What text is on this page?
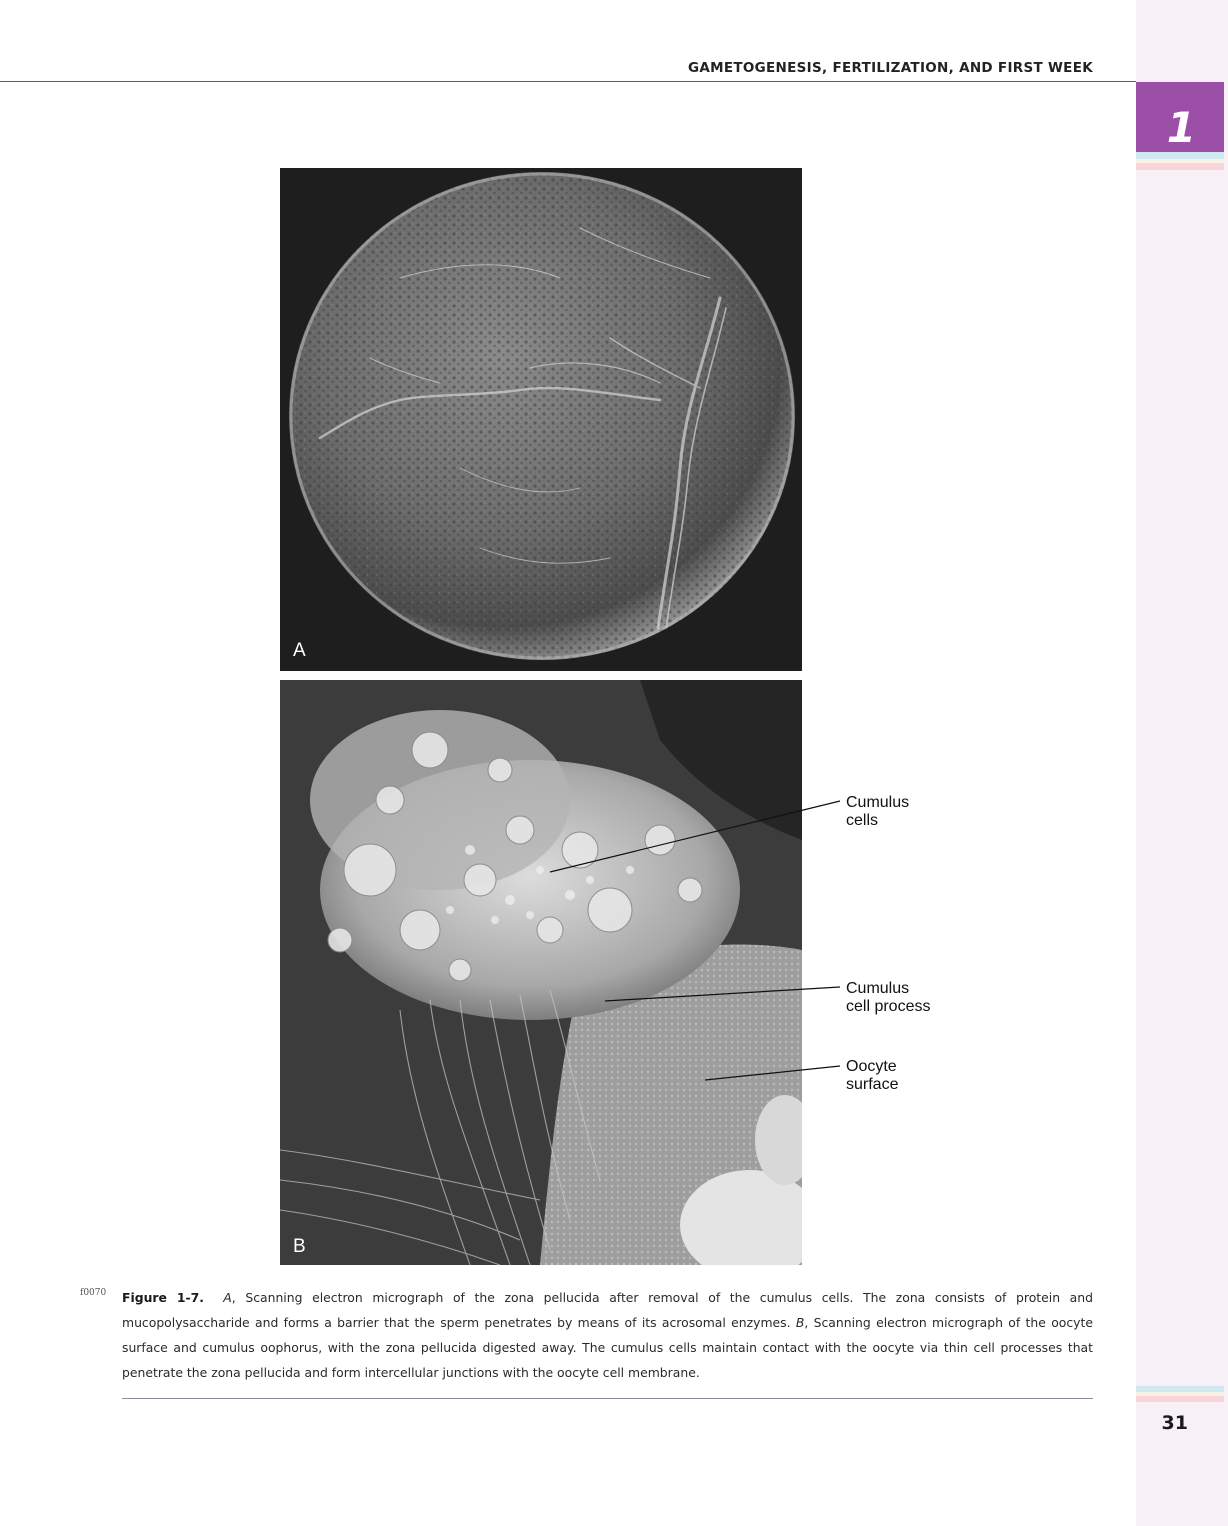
1
GAMETOGENESIS, FERTILIZATION, AND FIRST WEEK
A
B
Cumulus
cells
Cumulus
cell process
Oocyte
surface
f0070 Figure 1-7. A, Scanning electron micrograph of the zona pellucida after removal of the cumulus cells. The zona consists of protein and mucopolysaccharide and forms a barrier that the sperm penetrates by means of its acrosomal enzymes. B, Scanning electron micrograph of the oocyte surface and cumulus oophorus, with the zona pellucida digested away. The cumulus cells maintain contact with the oocyte via thin cell processes that penetrate the zona pellucida and form intercellular junctions with the oocyte cell membrane.

31
